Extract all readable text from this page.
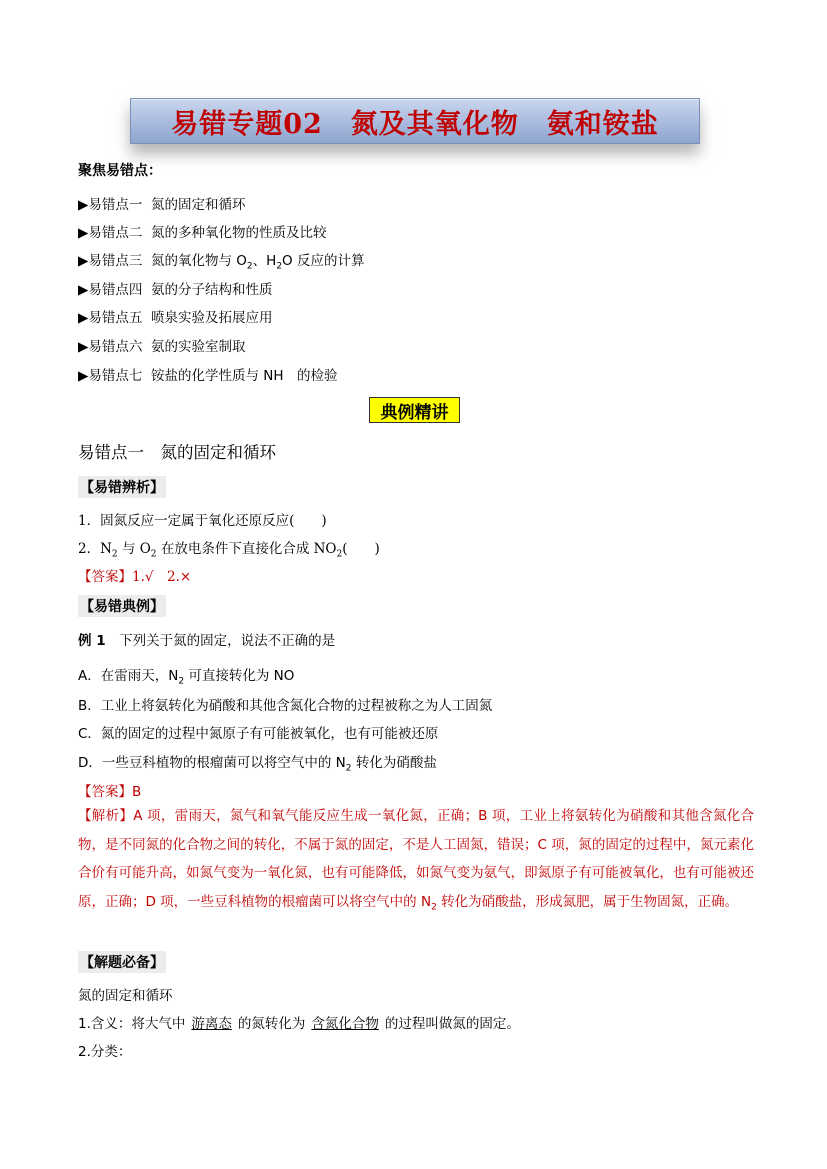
易错专题02　氮及其氧化物　氨和铵盐
聚焦易错点：
▶易错点一 氮的固定和循环
▶易错点二 氮的多种氧化物的性质及比较
▶易错点三 氮的氧化物与 $O_2$、$H_2O$ 反应的计算
▶易错点四 氨的分子结构和性质
▶易错点五 喷泉实验及拓展应用
▶易错点六 氨的实验室制取
▶易错点七 铵盐的化学性质与 NH　的检验
典例精讲
易错点一　氮的固定和循环
【易错辨析】
1．固氮反应一定属于氧化还原反应(　　)
2．$N_2$ 与 $O_2$ 在放电条件下直接化合成 $NO_2$(　　)
【答案】1.√　2.×
【易错典例】
例 1　 下列关于氮的固定，说法不正确的是
A．在雷雨天，$N_2$ 可直接转化为 NO
B．工业上将氨转化为硝酸和其他含氮化合物的过程被称之为人工固氮
C．氮的固定的过程中氮原子有可能被氧化，也有可能被还原
D．一些豆科植物的根瘤菌可以将空气中的 $N_2$ 转化为硝酸盐
【答案】B
【解析】A 项，雷雨天，氮气和氧气能反应生成一氧化氮，正确；B 项，工业上将氨转化为硝酸和其他含氮化合物，是不同氮的化合物之间的转化，不属于氮的固定，不是人工固氮，错误；C 项，氮的固定的过程中，氮元素化合价有可能升高，如氮气变为一氧化氮，也有可能降低，如氮气变为氨气，即氮原子有可能被氧化，也有可能被还原，正确；D 项，一些豆科植物的根瘤菌可以将空气中的 $N_2$ 转化为硝酸盐，形成氮肥，属于生物固氮，正确。
【解题必备】
氮的固定和循环
1.含义：将大气中 游离态 的氮转化为 含氮化合物 的过程叫做氮的固定。
2.分类：
